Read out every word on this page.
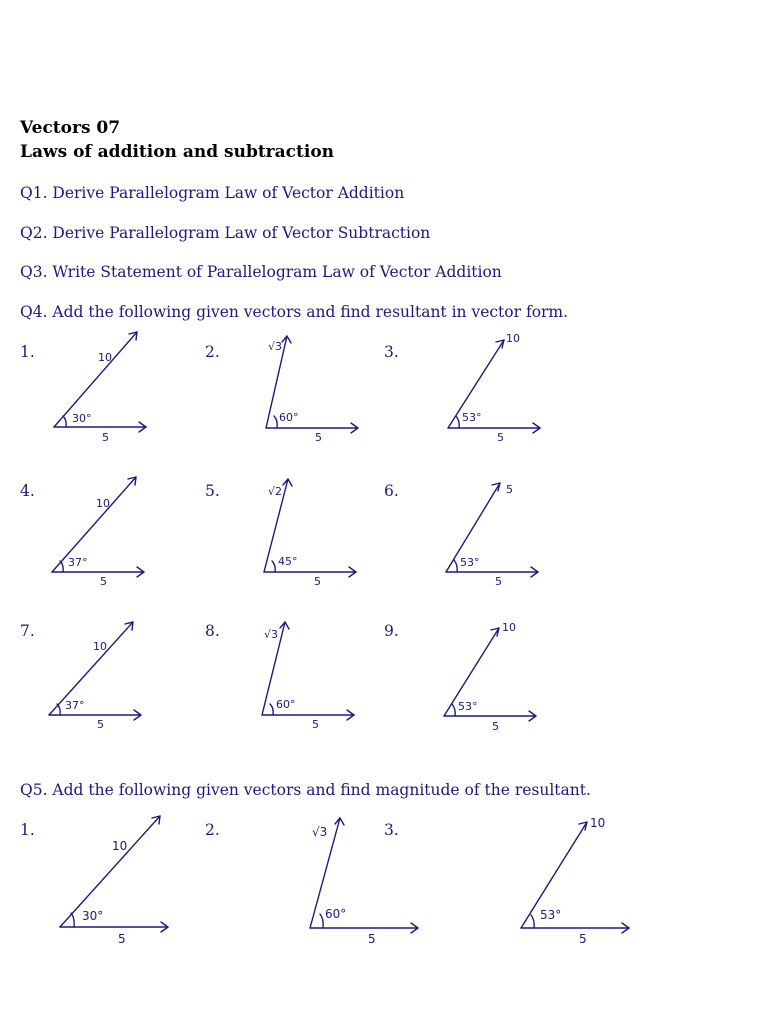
Vectors 07
Laws of addition and subtraction

Q1. Derive Parallelogram Law of Vector Addition

Q2. Derive Parallelogram Law of Vector Subtraction

Q3. Write Statement of Parallelogram Law of Vector Addition

Q4. Add the following given vectors and find resultant in vector form.

1.	10
30°
5
2.	√3
60°
5
3.
10
53°
5
4.
10
37°
5
5.	√2
45°
5
6.	5
53°
5
7.
10
37°
5
8.	√3
60°
5
9.	10
53°
5

Q5. Add the following given vectors and find magnitude of the resultant.

1.
10
30°
5
2.	√3
60°
5
3.	10
53°
5
